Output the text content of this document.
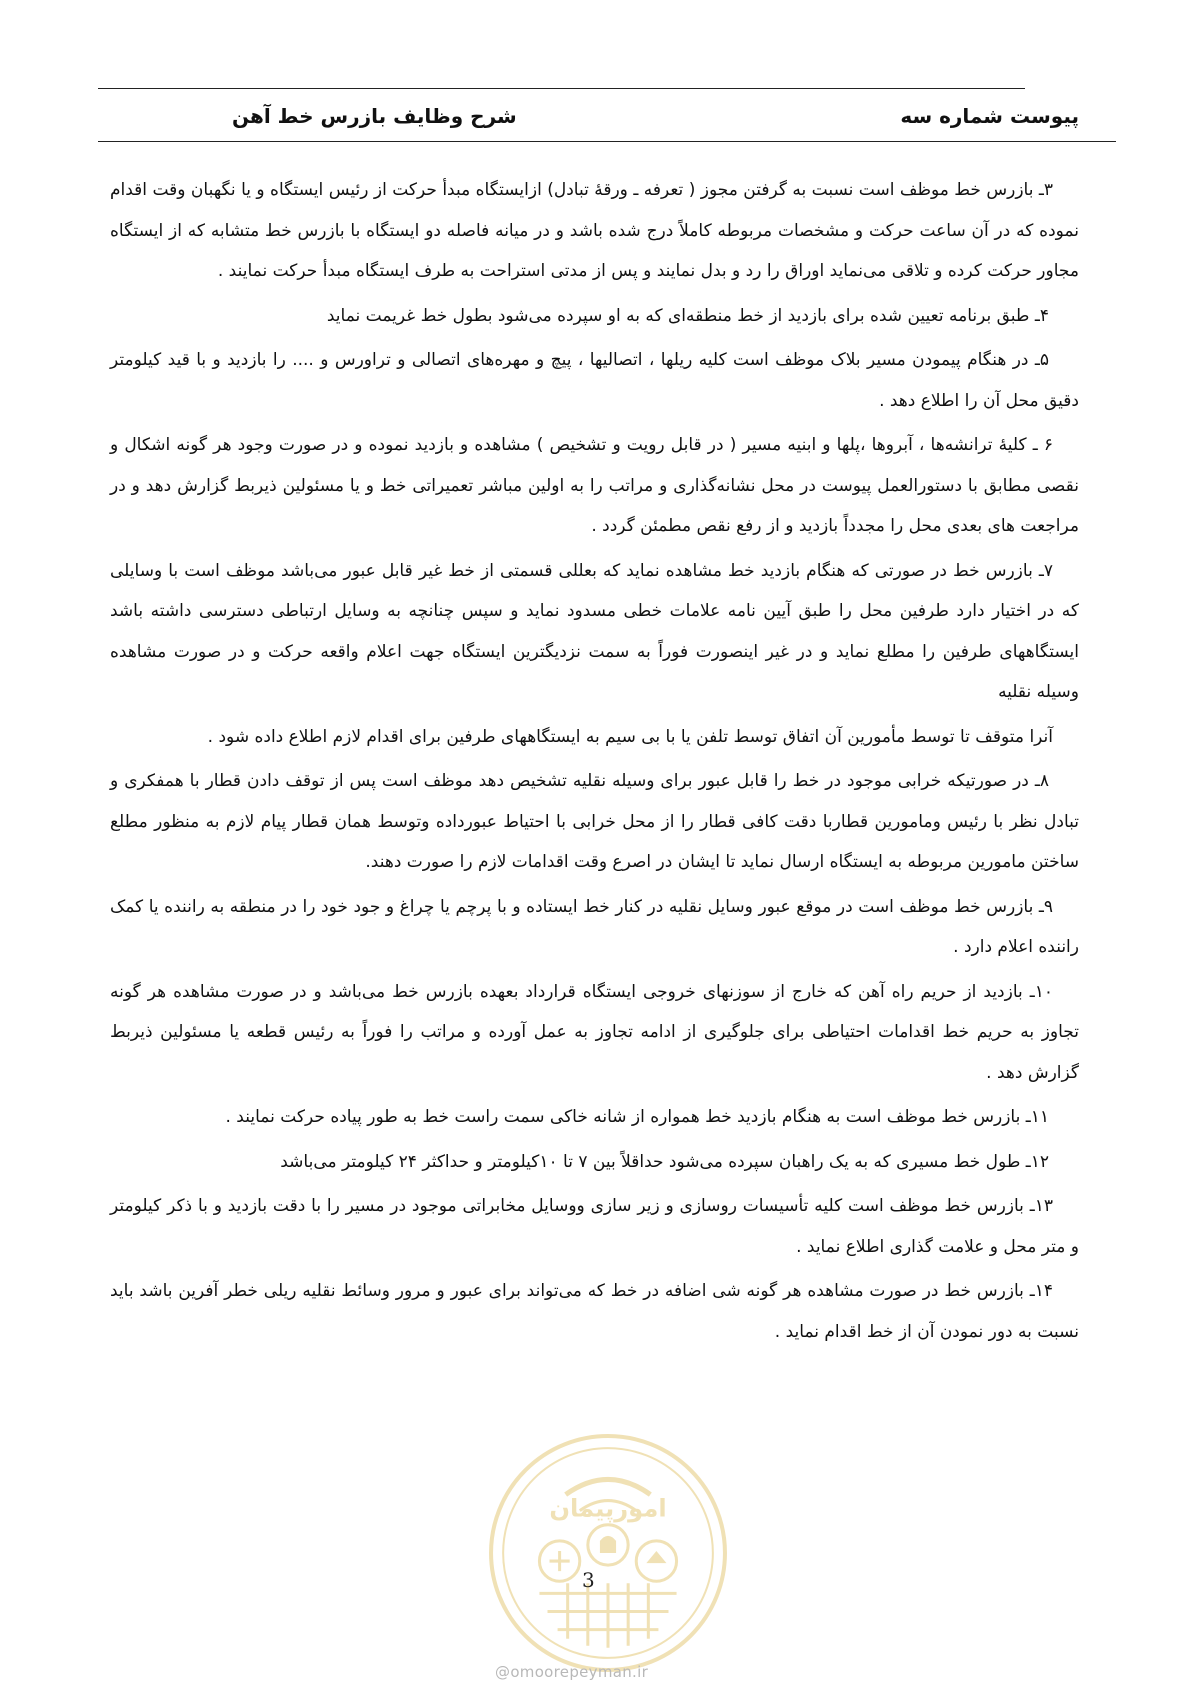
پیوست شماره سه
شرح وظایف بازرس خط آهن

۳ـ بازرس خط موظف است نسبت به گرفتن مجوز ( تعرفه ـ ورقهٔ تبادل) ازایستگاه مبدأ حرکت از رئیس ایستگاه و یا نگهبان وقت اقدام نموده که در آن ساعت حرکت و مشخصات مربوطه کاملاً درج شده باشد و در میانه فاصله دو ایستگاه با بازرس خط متشابه که از ایستگاه مجاور حرکت کرده و تلاقی می‌نماید اوراق را رد و بدل نمایند و پس از مدتی استراحت به طرف ایستگاه مبدأ حرکت نمایند .

۴ـ طبق برنامه تعیین شده برای بازدید از خط منطقه‌ای که به او سپرده می‌شود بطول خط غریمت نماید

۵ـ در هنگام پیمودن مسیر بلاک موظف است کلیه ریلها ، اتصالیها ، پیچ و مهره‌های اتصالی و تراورس و .... را بازدید و با قید کیلومتر دقیق محل آن را اطلاع دهد .

۶ ـ کلیهٔ ترانشه‌ها ، آبروها ،پلها و ابنیه مسیر ( در قابل رویت و تشخیص ) مشاهده و بازدید نموده و در صورت وجود هر گونه اشکال و نقصی مطابق با دستورالعمل پیوست در محل نشانه‌گذاری و مراتب را به اولین مباشر تعمیراتی خط و یا مسئولین ذیربط گزارش دهد و در مراجعت های بعدی محل را مجدداً بازدید و از رفع نقص مطمئن گردد .

۷ـ بازرس خط در صورتی که هنگام بازدید خط مشاهده نماید که بعللی قسمتی از خط غیر قابل عبور می‌باشد موظف است با وسایلی که در اختیار دارد طرفین محل را طبق آیین نامه علامات خطی مسدود نماید و سپس چنانچه به وسایل ارتباطی دسترسی داشته باشد ایستگاههای طرفین را مطلع نماید و در غیر اینصورت فوراً به سمت نزدیگترین ایستگاه جهت اعلام واقعه حرکت و در صورت مشاهده وسیله نقلیه

آنرا متوقف تا توسط مأمورین آن اتفاق توسط تلفن یا با بی سیم به ایستگاههای طرفین برای اقدام لازم اطلاع داده شود .

۸ـ در صورتیکه خرابی موجود در خط را قابل عبور برای وسیله نقلیه تشخیص دهد موظف است پس از توقف دادن قطار با همفکری و تبادل نظر با رئیس ومامورین قطاربا دقت کافی قطار را از محل خرابی با احتیاط عبورداده وتوسط همان قطار پیام لازم به منظور مطلع ساختن مامورین مربوطه به ایستگاه ارسال نماید تا ایشان در اصرع وقت اقدامات لازم را صورت دهند.

۹ـ بازرس خط موظف است در موقع عبور وسایل نقلیه در کنار خط ایستاده و با پرچم یا چراغ و جود خود را در منطقه به راننده یا کمک راننده اعلام دارد .

۱۰ـ بازدید از حریم راه آهن که خارج از سوزنهای خروجی ایستگاه قرارداد بعهده بازرس خط می‌باشد و در صورت مشاهده هر گونه تجاوز به حریم خط اقدامات احتیاطی برای جلوگیری از ادامه تجاوز به عمل آورده و مراتب را فوراً به رئیس قطعه یا مسئولین ذیربط گزارش دهد .

۱۱ـ بازرس خط موظف است به هنگام بازدید خط همواره از شانه خاکی سمت راست خط به طور پیاده حرکت نمایند .

۱۲ـ طول خط مسیری که به یک راهبان سپرده می‌شود حداقلاً بین ۷ تا ۱۰کیلومتر و حداکثر ۲۴ کیلومتر می‌باشد

۱۳ـ بازرس خط موظف است کلیه تأسیسات روسازی و زیر سازی ووسایل مخابراتی موجود در مسیر را با دقت بازدید و با ذکر کیلومتر و متر محل و علامت گذاری اطلاع نماید .

۱۴ـ بازرس خط در صورت مشاهده هر گونه شی اضافه در خط که می‌تواند برای عبور و مرور وسائط نقلیه ریلی خطر آفرین باشد باید نسبت به دور نمودن آن از خط اقدام نماید .

امورپیمان
3
@omoorepeyman.ir
